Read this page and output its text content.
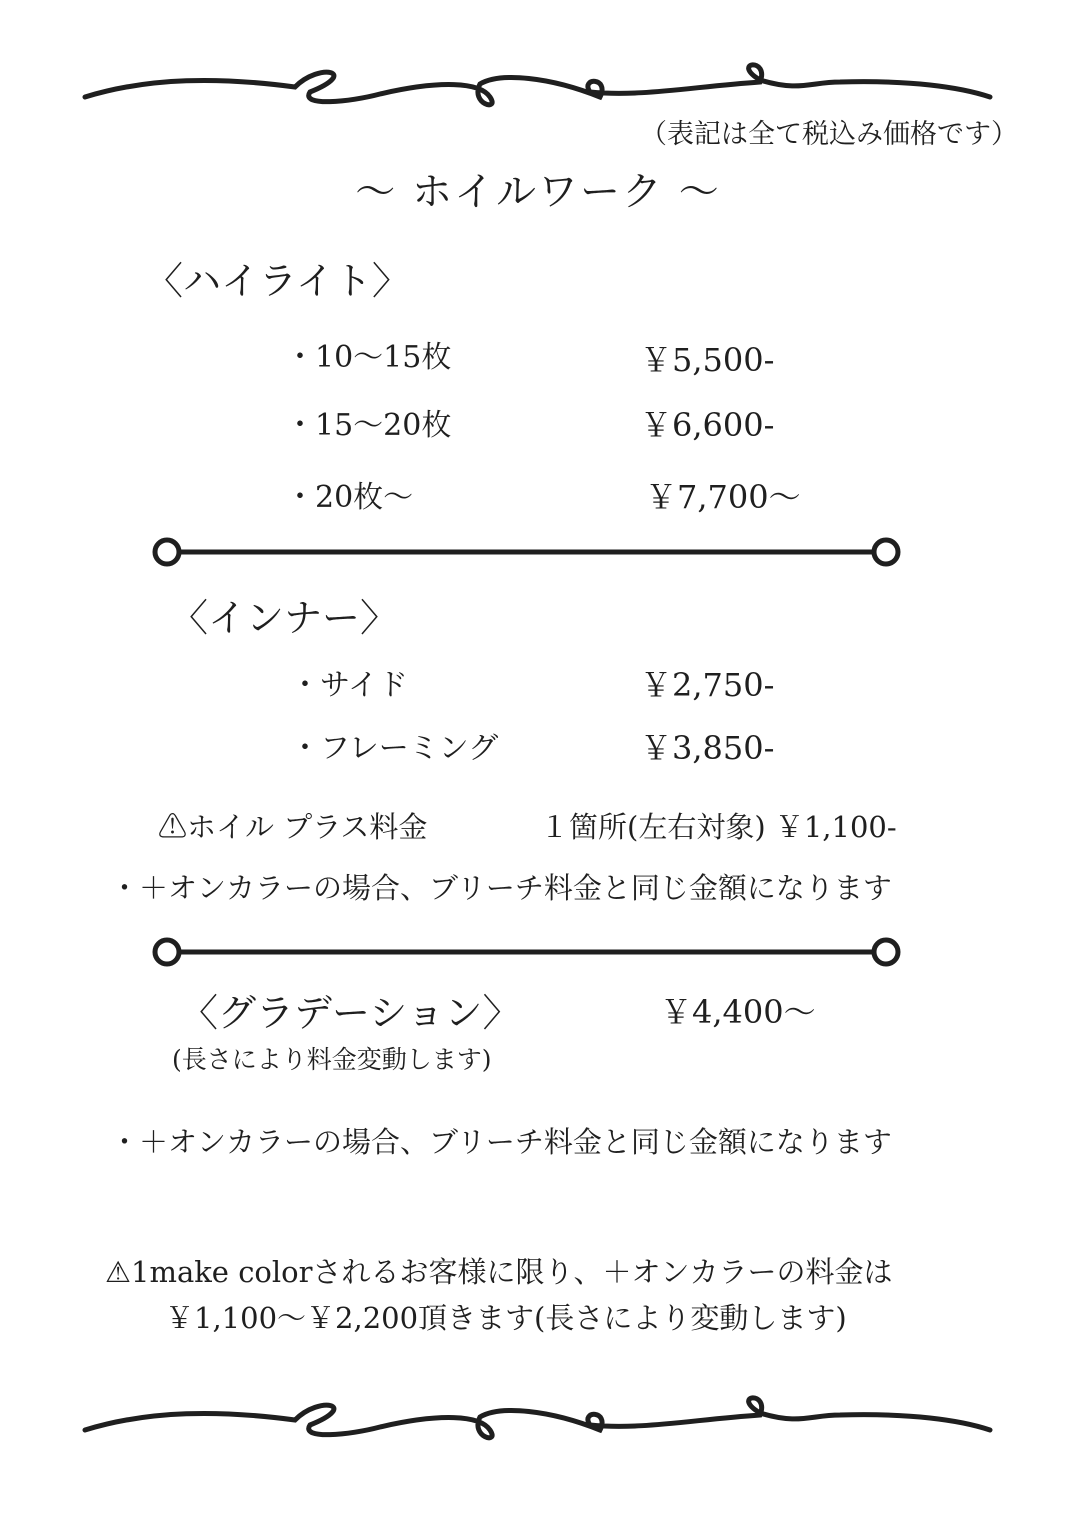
（表記は全て税込み価格です）
〜 ホイルワーク 〜
〈ハイライト〉
・10〜15枚	￥5,500-
・15〜20枚	￥6,600-
・20枚〜	￥7,700〜
〈インナー〉
・サイド	￥2,750-
・フレーミング	￥3,850-
⚠ホイル プラス料金	１箇所(左右対象) ￥1,100-
・＋オンカラーの場合、ブリーチ料金と同じ金額になります
〈グラデーション〉	￥4,400〜
(長さにより料金変動します)
・＋オンカラーの場合、ブリーチ料金と同じ金額になります
⚠1make colorされるお客様に限り、＋オンカラーの料金は
￥1,100〜￥2,200頂きます(長さにより変動します)
